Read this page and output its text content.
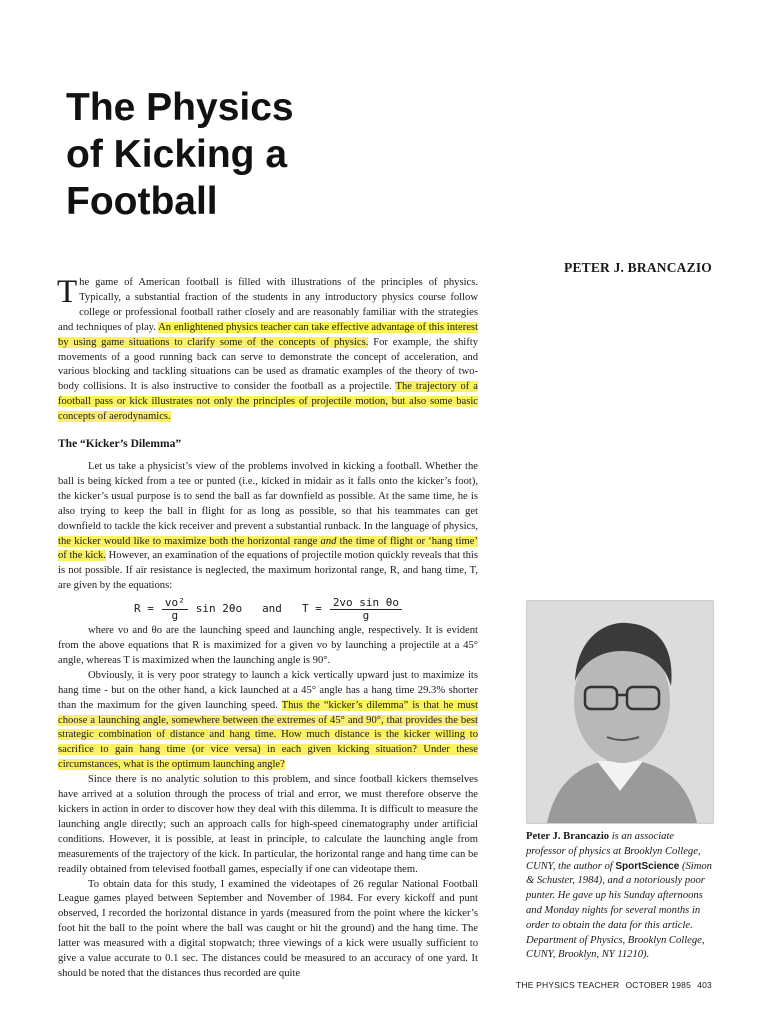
The Physics
of Kicking a
Football
PETER J. BRANCAZIO

The game of American football is filled with illustrations of the principles of physics. Typically, a substantial fraction of the students in any introductory physics course follow college or professional football rather closely and are reasonably familiar with the strategies and techniques of play. An enlightened physics teacher can take effective advantage of this interest by using game situations to clarify some of the concepts of physics. For example, the shifty movements of a good running back can serve to demonstrate the concept of acceleration, and various blocking and tackling situations can be used as dramatic examples of the theory of two-body collisions. It is also instructive to consider the football as a projectile. The trajectory of a football pass or kick illustrates not only the principles of projectile motion, but also some basic concepts of aerodynamics.

The “Kicker’s Dilemma”

Let us take a physicist’s view of the problems involved in kicking a football. Whether the ball is being kicked from a tee or punted (i.e., kicked in midair as it falls onto the kicker’s foot), the kicker’s usual purpose is to send the ball as far downfield as possible. At the same time, he is also trying to keep the ball in flight for as long as possible, so that his teammates can get downfield to tackle the kick receiver and prevent a substantial runback. In the language of physics, the kicker would like to maximize both the horizontal range and the time of flight or ‘hang time’ of the kick. However, an examination of the equations of projectile motion quickly reveals that this is not possible. If air resistance is neglected, the maximum horizontal range, R, and hang time, T, are given by the equations:

$R = \frac{\text{vo²}}{g}$ sin 2θo and $T = \frac{\text{2vo sin θo}}{g}$

where vo and θo are the launching speed and launching angle, respectively. It is evident from the above equations that R is maximized for a given vo by launching a projectile at a 45° angle, whereas T is maximized when the launching angle is 90°.

Obviously, it is very poor strategy to launch a kick vertically upward just to maximize its hang time - but on the other hand, a kick launched at a 45° angle has a hang time 29.3% shorter than the maximum for the given launching speed. Thus the “kicker’s dilemma” is that he must choose a launching angle, somewhere between the extremes of 45° and 90°, that provides the best strategic combination of distance and hang time. How much distance is the kicker willing to sacrifice to gain hang time (or vice versa) in each given kicking situation? Under these circumstances, what is the optimum launching angle?

Since there is no analytic solution to this problem, and since football kickers themselves have arrived at a solution through the process of trial and error, we must therefore observe the kickers in action in order to discover how they deal with this dilemma. It is difficult to measure the launching angle directly; such an approach calls for high-speed cinematography under artificial conditions. However, it is possible, at least in principle, to calculate the launching angle from measurements of the trajectory of the kick. In particular, the horizontal range and hang time can be readily obtained from televised football games, especially if one can videotape them.

To obtain data for this study, I examined the videotapes of 26 regular National Football League games played between September and November of 1984. For every kickoff and punt observed, I recorded the horizontal distance in yards (measured from the point where the kicker’s foot hit the ball to the point where the ball was caught or hit the ground) and the hang time. The latter was measured with a digital stopwatch; three viewings of a kick were usually sufficient to give a value accurate to 0.1 sec. The distances could be measured to an accuracy of one yard. It should be noted that the distances thus recorded are quite

Peter J. Brancazio is an associate professor of physics at Brooklyn College, CUNY, the author of SportScience (Simon & Schuster, 1984), and a notoriously poor punter. He gave up his Sunday afternoons and Monday nights for several months in order to obtain the data for this article. Department of Physics, Brooklyn College, CUNY, Brooklyn, NY 11210).
THE PHYSICS TEACHER OCTOBER 1985 403
